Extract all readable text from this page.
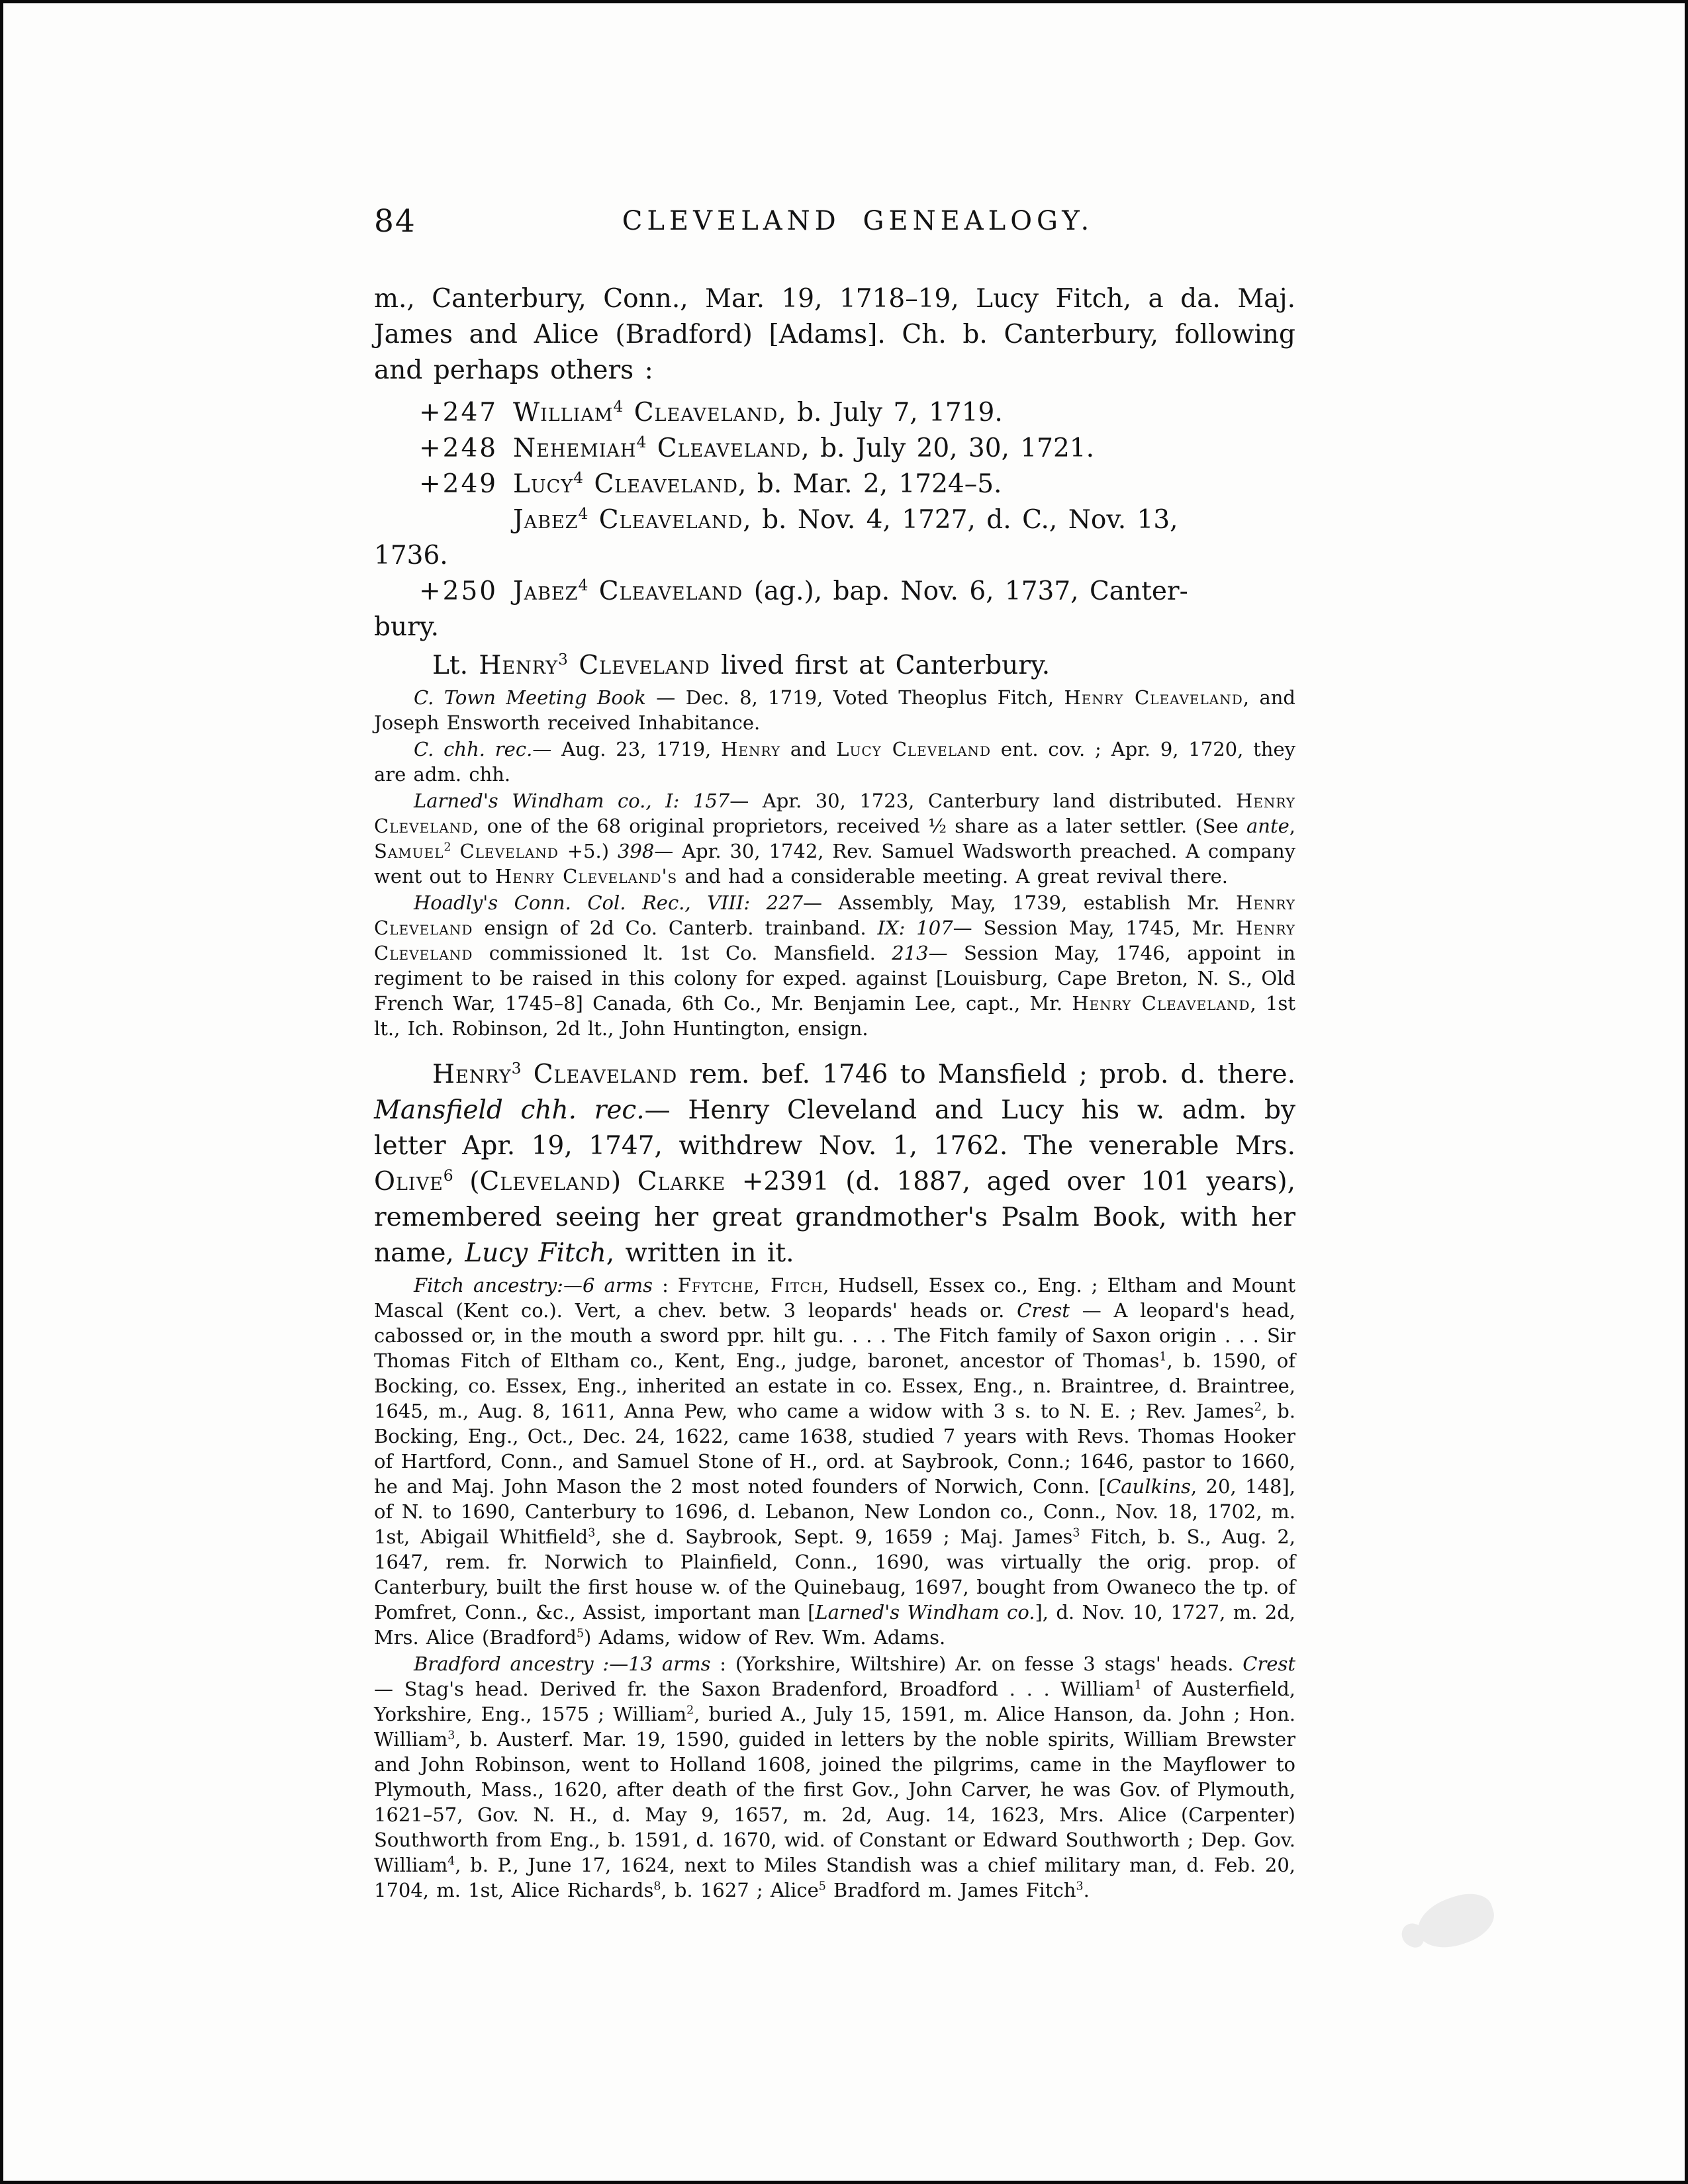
84	CLEVELAND GENEALOGY.
m., Canterbury, Conn., Mar. 19, 1718–19, Lucy Fitch, a da. Maj. James and Alice (Bradford) [Adams]. Ch. b. Canterbury, following and perhaps others :
+247 William$^4$ Cleaveland, b. July 7, 1719.
+248 Nehemiah$^4$ Cleaveland, b. July 20, 30, 1721.
+249 Lucy$^4$ Cleaveland, b. Mar. 2, 1724–5.
Jabez$^4$ Cleaveland, b. Nov. 4, 1727, d. C., Nov. 13,
1736.
+250 Jabez$^4$ Cleaveland (ag.), bap. Nov. 6, 1737, Canter-
bury.
Lt. Henry$^3$ Cleveland lived first at Canterbury.
C. Town Meeting Book — Dec. 8, 1719, Voted Theoplus Fitch, Henry Cleaveland, and Joseph Ensworth received Inhabitance.
C. chh. rec.— Aug. 23, 1719, Henry and Lucy Cleveland ent. cov. ; Apr. 9, 1720, they are adm. chh.
Larned's Windham co., I: 157— Apr. 30, 1723, Canterbury land distributed. Henry Cleveland, one of the 68 original proprietors, received ½ share as a later settler. (See ante, Samuel$^2$ Cleveland +5.) 398— Apr. 30, 1742, Rev. Samuel Wadsworth preached. A company went out to Henry Cleveland's and had a considerable meeting. A great revival there.
Hoadly's Conn. Col. Rec., VIII: 227— Assembly, May, 1739, establish Mr. Henry Cleveland ensign of 2d Co. Canterb. trainband. IX: 107— Session May, 1745, Mr. Henry Cleveland commissioned lt. 1st Co. Mansfield. 213— Session May, 1746, appoint in regiment to be raised in this colony for exped. against [Louisburg, Cape Breton, N. S., Old French War, 1745–8] Canada, 6th Co., Mr. Benjamin Lee, capt., Mr. Henry Cleaveland, 1st lt., Ich. Robinson, 2d lt., John Huntington, ensign.
Henry$^3$ Cleaveland rem. bef. 1746 to Mansfield ; prob. d. there. Mansfield chh. rec.— Henry Cleveland and Lucy his w. adm. by letter Apr. 19, 1747, withdrew Nov. 1, 1762. The venerable Mrs. Olive$^6$ (Cleveland) Clarke +2391 (d. 1887, aged over 101 years), remembered seeing her great grandmother's Psalm Book, with her name, Lucy Fitch, written in it.
Fitch ancestry:—6 arms : Ffytche, Fitch, Hudsell, Essex co., Eng. ; Eltham and Mount Mascal (Kent co.). Vert, a chev. betw. 3 leopards' heads or. Crest — A leopard's head, cabossed or, in the mouth a sword ppr. hilt gu. . . . The Fitch family of Saxon origin . . . Sir Thomas Fitch of Eltham co., Kent, Eng., judge, baronet, ancestor of Thomas$^1$, b. 1590, of Bocking, co. Essex, Eng., inherited an estate in co. Essex, Eng., n. Braintree, d. Braintree, 1645, m., Aug. 8, 1611, Anna Pew, who came a widow with 3 s. to N. E. ; Rev. James$^2$, b. Bocking, Eng., Oct., Dec. 24, 1622, came 1638, studied 7 years with Revs. Thomas Hooker of Hartford, Conn., and Samuel Stone of H., ord. at Saybrook, Conn.; 1646, pastor to 1660, he and Maj. John Mason the 2 most noted founders of Norwich, Conn. [Caulkins, 20, 148], of N. to 1690, Canterbury to 1696, d. Lebanon, New London co., Conn., Nov. 18, 1702, m. 1st, Abigail Whitfield$^3$, she d. Saybrook, Sept. 9, 1659 ; Maj. James$^3$ Fitch, b. S., Aug. 2, 1647, rem. fr. Norwich to Plainfield, Conn., 1690, was virtually the orig. prop. of Canterbury, built the first house w. of the Quinebaug, 1697, bought from Owaneco the tp. of Pomfret, Conn., &c., Assist, important man [Larned's Windham co.], d. Nov. 10, 1727, m. 2d, Mrs. Alice (Bradford$^5$) Adams, widow of Rev. Wm. Adams.
Bradford ancestry :—13 arms : (Yorkshire, Wiltshire) Ar. on fesse 3 stags' heads. Crest — Stag's head. Derived fr. the Saxon Bradenford, Broadford . . . William$^1$ of Austerfield, Yorkshire, Eng., 1575 ; William$^2$, buried A., July 15, 1591, m. Alice Hanson, da. John ; Hon. William$^3$, b. Austerf. Mar. 19, 1590, guided in letters by the noble spirits, William Brewster and John Robinson, went to Holland 1608, joined the pilgrims, came in the Mayflower to Plymouth, Mass., 1620, after death of the first Gov., John Carver, he was Gov. of Plymouth, 1621–57, Gov. N. H., d. May 9, 1657, m. 2d, Aug. 14, 1623, Mrs. Alice (Carpenter) Southworth from Eng., b. 1591, d. 1670, wid. of Constant or Edward Southworth ; Dep. Gov. William$^4$, b. P., June 17, 1624, next to Miles Standish was a chief military man, d. Feb. 20, 1704, m. 1st, Alice Richards$^8$, b. 1627 ; Alice$^5$ Bradford m. James Fitch$^3$.
